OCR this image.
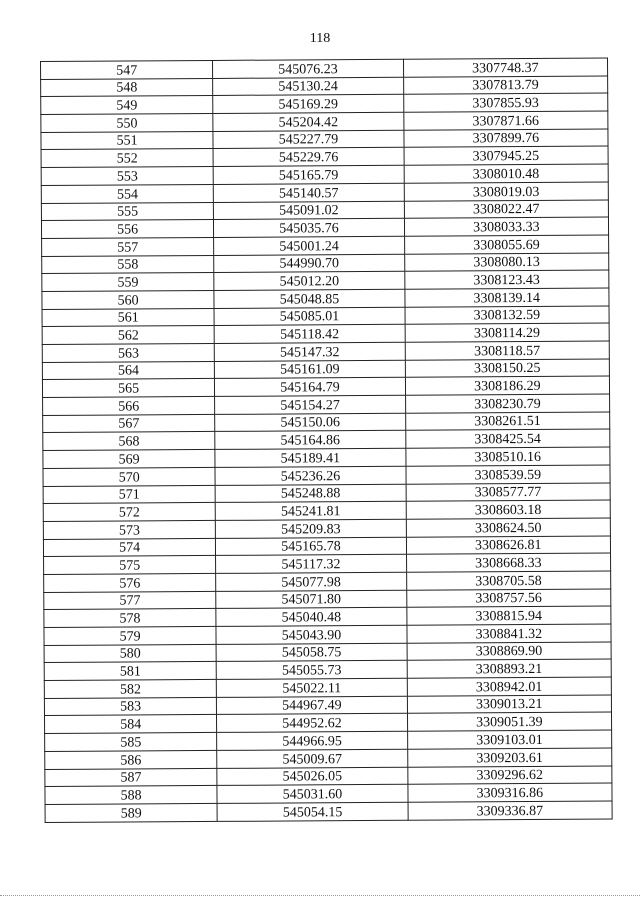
118
547	545076.23	3307748.37
548	545130.24	3307813.79
549	545169.29	3307855.93
550	545204.42	3307871.66
551	545227.79	3307899.76
552	545229.76	3307945.25
553	545165.79	3308010.48
554	545140.57	3308019.03
555	545091.02	3308022.47
556	545035.76	3308033.33
557	545001.24	3308055.69
558	544990.70	3308080.13
559	545012.20	3308123.43
560	545048.85	3308139.14
561	545085.01	3308132.59
562	545118.42	3308114.29
563	545147.32	3308118.57
564	545161.09	3308150.25
565	545164.79	3308186.29
566	545154.27	3308230.79
567	545150.06	3308261.51
568	545164.86	3308425.54
569	545189.41	3308510.16
570	545236.26	3308539.59
571	545248.88	3308577.77
572	545241.81	3308603.18
573	545209.83	3308624.50
574	545165.78	3308626.81
575	545117.32	3308668.33
576	545077.98	3308705.58
577	545071.80	3308757.56
578	545040.48	3308815.94
579	545043.90	3308841.32
580	545058.75	3308869.90
581	545055.73	3308893.21
582	545022.11	3308942.01
583	544967.49	3309013.21
584	544952.62	3309051.39
585	544966.95	3309103.01
586	545009.67	3309203.61
587	545026.05	3309296.62
588	545031.60	3309316.86
589	545054.15	3309336.87
